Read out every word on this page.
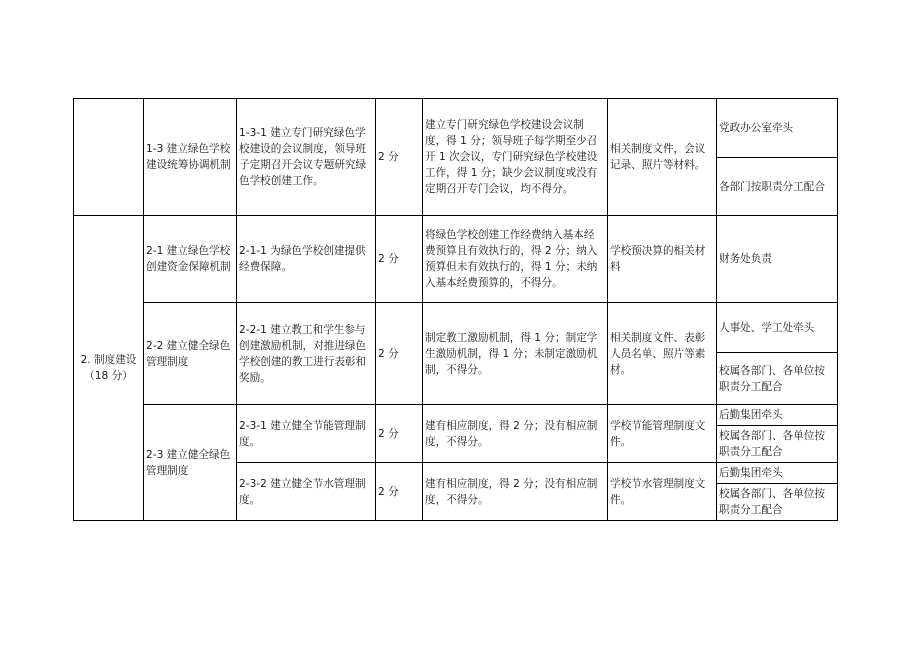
	1-3 建立绿色学校建设统筹协调机制	1-3-1 建立专门研究绿色学校建设的会议制度，领导班子定期召开会议专题研究绿色学校创建工作。	2 分	建立专门研究绿色学校建设会议制度，得 1 分；领导班子每学期至少召开 1 次会议，专门研究绿色学校建设工作，得 1 分；缺少会议制度或没有定期召开专门会议，均不得分。	相关制度文件，会议记录、照片等材料。	党政办公室牵头
						各部门按职责分工配合
2. 制度建设（18 分）	2-1 建立绿色学校创建资金保障机制	2-1-1 为绿色学校创建提供经费保障。	2 分	将绿色学校创建工作经费纳入基本经费预算且有效执行的，得 2 分；纳入预算但未有效执行的，得 1 分；未纳入基本经费预算的，不得分。	学校预决算的相关材料	财务处负责
	2-2 建立健全绿色管理制度	2-2-1 建立教工和学生参与创建激励机制，对推进绿色学校创建的教工进行表彰和奖励。	2 分	制定教工激励机制，得 1 分；制定学生激励机制，得 1 分；未制定激励机制，不得分。	相关制度文件、表彰人员名单、照片等素材。	人事处、学工处牵头
						校属各部门、各单位按职责分工配合
	2-3 建立健全绿色管理制度	2-3-1 建立健全节能管理制度。	2 分	建有相应制度，得 2 分；没有相应制度，不得分。	学校节能管理制度文件。	后勤集团牵头
						校属各部门、各单位按职责分工配合
		2-3-2 建立健全节水管理制度。	2 分	建有相应制度，得 2 分；没有相应制度，不得分。	学校节水管理制度文件。	后勤集团牵头
						校属各部门、各单位按职责分工配合
